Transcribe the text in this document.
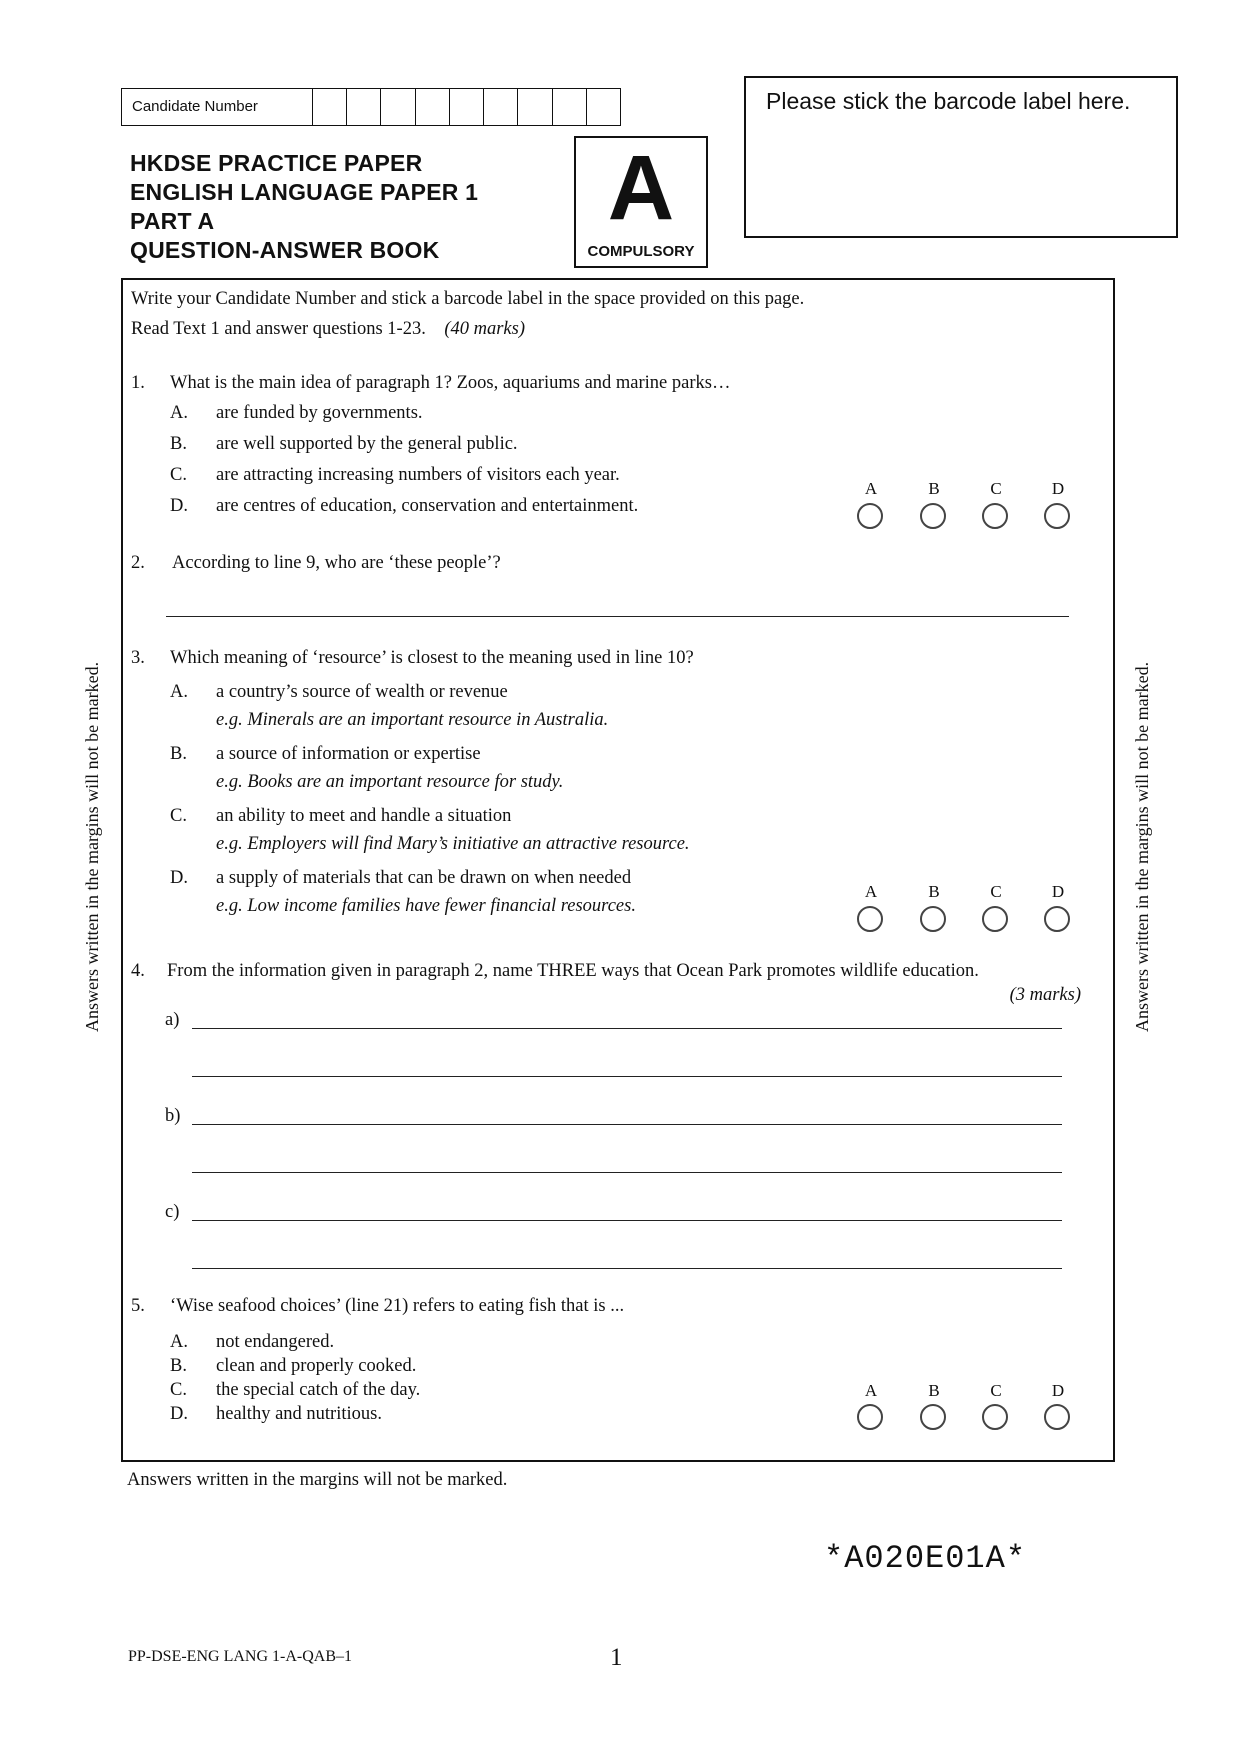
Candidate Number	Please stick the barcode label here.
HKDSE PRACTICE PAPER
ENGLISH LANGUAGE PAPER 1
PART A
QUESTION-ANSWER BOOK
A
COMPULSORY
Write your Candidate Number and stick a barcode label in the space provided on this page.
Read Text 1 and answer questions 1-23. (40 marks)
1. What is the main idea of paragraph 1? Zoos, aquariums and marine parks…
A. are funded by governments.
B. are well supported by the general public.
C. are attracting increasing numbers of visitors each year.
D. are centres of education, conservation and entertainment.
A	B	C	D
2. According to line 9, who are ‘these people’?
3. Which meaning of ‘resource’ is closest to the meaning used in line 10?
A. a country’s source of wealth or revenue
e.g. Minerals are an important resource in Australia.
B. a source of information or expertise
e.g. Books are an important resource for study.
C. an ability to meet and handle a situation
e.g. Employers will find Mary’s initiative an attractive resource.
D. a supply of materials that can be drawn on when needed
e.g. Low income families have fewer financial resources.
A	B	C	D
4. From the information given in paragraph 2, name THREE ways that Ocean Park promotes wildlife education.
(3 marks)
a)
b)
c)
5. ‘Wise seafood choices’ (line 21) refers to eating fish that is ...
A. not endangered.
B. clean and properly cooked.
C. the special catch of the day.
D. healthy and nutritious.
A	B	C	D
Answers written in the margins will not be marked.	Answers written in the margins will not be marked.
Answers written in the margins will not be marked.
*A020E01A*
PP-DSE-ENG LANG 1-A-QAB–1	1
